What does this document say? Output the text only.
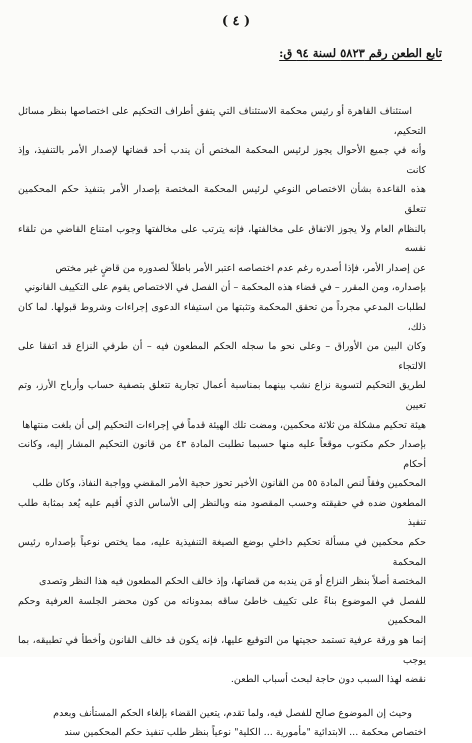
( ٤ )
تابع الطعن رقم ٥٨٢٣ لسنة ٩٤ ق:

استئناف القاهرة أو رئيس محكمة الاستئناف التي يتفق أطراف التحكيم على اختصاصها بنظر مسائل التحكيم،

وأنه في جميع الأحوال يجوز لرئيس المحكمة المختص أن يندب أحد قضاتها لإصدار الأمر بالتنفيذ، وإذ كانت

هذه القاعدة بشأن الاختصاص النوعي لرئيس المحكمة المختصة بإصدار الأمر بتنفيذ حكم المحكمين تتعلق

بالنظام العام ولا يجوز الاتفاق على مخالفتها، فإنه يترتب على مخالفتها وجوب امتناع القاضي من تلقاء نفسه

عن إصدار الأمر، فإذا أصدره رغم عدم اختصاصه اعتبر الأمر باطلاً لصدوره من قاضٍ غير مختص

بإصداره، ومن المقرر – في قضاء هذه المحكمة – أن الفصل في الاختصاص يقوم على التكييف القانوني

لطلبات المدعي مجرداً من تحقق المحكمة وتثبتها من استيفاء الدعوى إجراءات وشروط قبولها. لما كان ذلك،

وكان البين من الأوراق – وعلى نحو ما سجله الحكم المطعون فيه – أن طرفي النزاع قد اتفقا على الالتجاء

لطريق التحكيم لتسوية نزاع نشب بينهما بمناسبة أعمال تجارية تتعلق بتصفية حساب وأرباح الأرز، وتم تعيين

هيئة تحكيم مشكلة من ثلاثة محكمين، ومضت تلك الهيئة قدماً في إجراءات التحكيم إلى أن بلغت منتهاها

بإصدار حكم مكتوب موقعاً عليه منها حسبما تطلبت المادة ٤٣ من قانون التحكيم المشار إليه، وكانت أحكام

المحكمين وفقاً لنص المادة ٥٥ من القانون الأخير تحوز حجية الأمر المقضي وواجبة النفاذ، وكان طلب

المطعون ضده في حقيقته وحسب المقصود منه وبالنظر إلى الأساس الذي أقيم عليه يُعد بمثابة طلب تنفيذ

حكم محكمين في مسألة تحكيم داخلي بوضع الصيغة التنفيذية عليه، مما يختص نوعياً بإصداره رئيس المحكمة

المختصة أصلاً بنظر النزاع أو مَن يندبه من قضاتها، وإذ خالف الحكم المطعون فيه هذا النظر وتصدى

للفصل في الموضوع بناءً على تكييف خاطئ ساقه بمدوناته من كون محضر الجلسة العرفية وحكم المحكمين

إنما هو ورقة عرفية تستمد حجيتها من التوقيع عليها، فإنه يكون قد خالف القانون وأخطأ في تطبيقه، بما يوجب

نقضه لهذا السبب دون حاجة لبحث أسباب الطعن.

وحيث إن الموضوع صالح للفصل فيه، ولما تقدم، يتعين القضاء بإلغاء الحكم المستأنف وبعدم

اختصاص محكمة ... الابتدائية "مأمورية ... الكلية" نوعياً بنظر طلب تنفيذ حكم المحكمين سند
